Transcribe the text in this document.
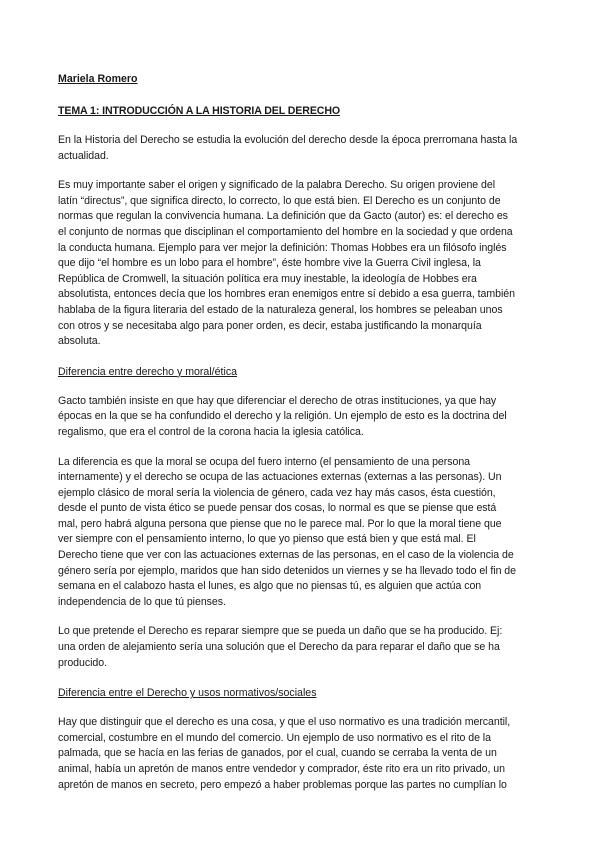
Mariela Romero
TEMA 1: INTRODUCCIÓN A LA HISTORIA DEL DERECHO
En la Historia del Derecho se estudia la evolución del derecho desde la época prerromana hasta la
actualidad.
Es muy importante saber el origen y significado de la palabra Derecho. Su origen proviene del
latín “directus”, que significa directo, lo correcto, lo que está bien. El Derecho es un conjunto de
normas que regulan la convivencia humana. La definición que da Gacto (autor) es: el derecho es
el conjunto de normas que disciplinan el comportamiento del hombre en la sociedad y que ordena
la conducta humana. Ejemplo para ver mejor la definición: Thomas Hobbes era un filósofo inglés
que dijo “el hombre es un lobo para el hombre”, éste hombre vive la Guerra Civil inglesa, la
República de Cromwell, la situación política era muy inestable, la ideología de Hobbes era
absolutista, entonces decía que los hombres eran enemigos entre sí debido a esa guerra, también
hablaba de la figura literaria del estado de la naturaleza general, los hombres se peleaban unos
con otros y se necesitaba algo para poner orden, es decir, estaba justificando la monarquía
absoluta.
Diferencia entre derecho y moral/ética
Gacto también insiste en que hay que diferenciar el derecho de otras instituciones, ya que hay
épocas en la que se ha confundido el derecho y la religión. Un ejemplo de esto es la doctrina del
regalismo, que era el control de la corona hacia la iglesia católica.
La diferencia es que la moral se ocupa del fuero interno (el pensamiento de una persona
internamente) y el derecho se ocupa de las actuaciones externas (externas a las personas). Un
ejemplo clásico de moral sería la violencia de género, cada vez hay más casos, ésta cuestión,
desde el punto de vista ético se puede pensar dos cosas, lo normal es que se piense que está
mal, pero habrá alguna persona que piense que no le parece mal. Por lo que la moral tiene que
ver siempre con el pensamiento interno, lo que yo pienso que está bien y que está mal. El
Derecho tiene que ver con las actuaciones externas de las personas, en el caso de la violencia de
género sería por ejemplo, maridos que han sido detenidos un viernes y se ha llevado todo el fin de
semana en el calabozo hasta el lunes, es algo que no piensas tú, es alguien que actúa con
independencia de lo que tú pienses.
Lo que pretende el Derecho es reparar siempre que se pueda un daño que se ha producido. Ej:
una orden de alejamiento sería una solución que el Derecho da para reparar el daño que se ha
producido.
Diferencia entre el Derecho y usos normativos/sociales
Hay que distinguir que el derecho es una cosa, y que el uso normativo es una tradición mercantil,
comercial, costumbre en el mundo del comercio. Un ejemplo de uso normativo es el rito de la
palmada, que se hacía en las ferias de ganados, por el cual, cuando se cerraba la venta de un
animal, había un apretón de manos entre vendedor y comprador, éste rito era un rito privado, un
apretón de manos en secreto, pero empezó a haber problemas porque las partes no cumplían lo
